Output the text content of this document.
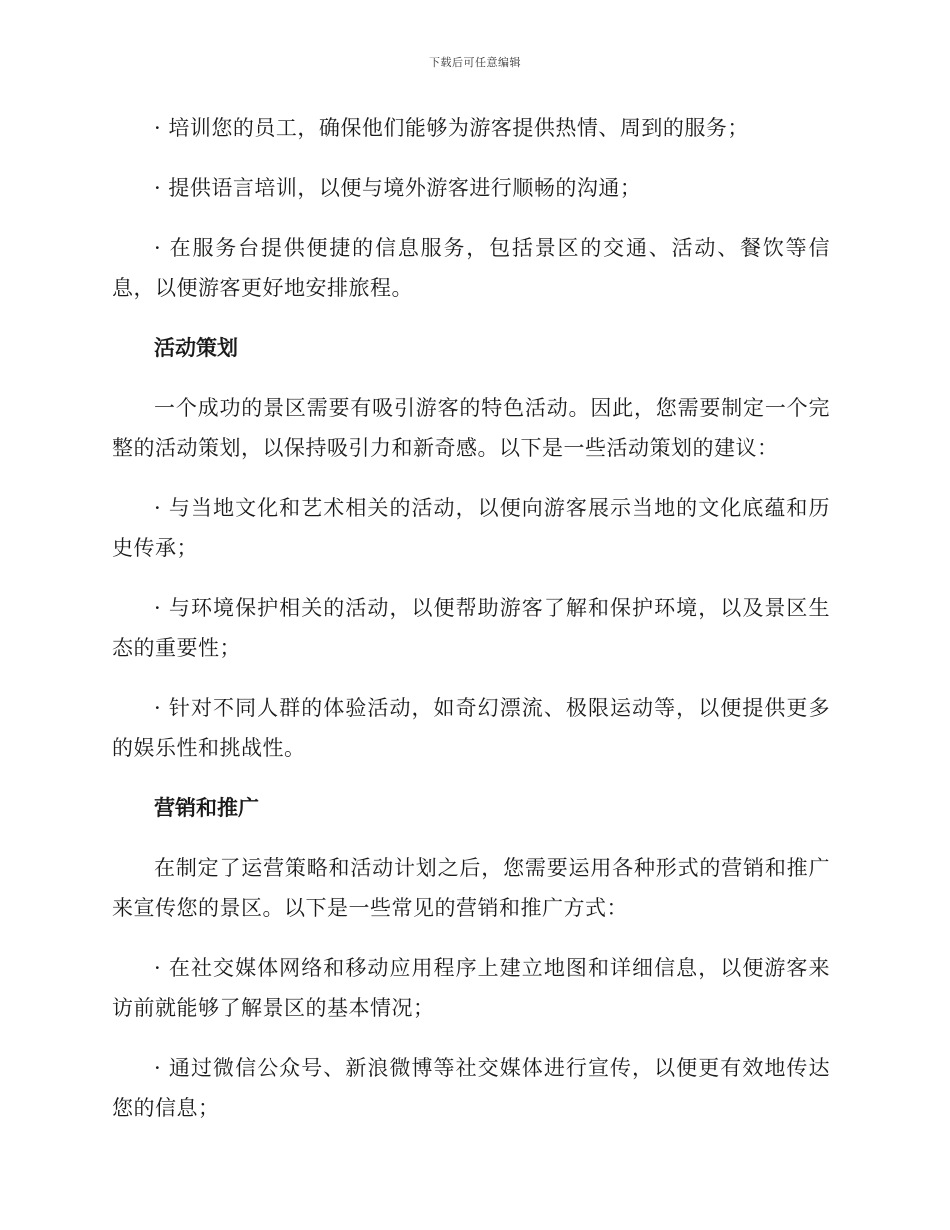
下载后可任意编辑

· 培训您的员工，确保他们能够为游客提供热情、周到的服务；

· 提供语言培训，以便与境外游客进行顺畅的沟通；

· 在服务台提供便捷的信息服务，包括景区的交通、活动、餐饮等信息，以便游客更好地安排旅程。

活动策划

一个成功的景区需要有吸引游客的特色活动。因此，您需要制定一个完整的活动策划，以保持吸引力和新奇感。以下是一些活动策划的建议：

· 与当地文化和艺术相关的活动，以便向游客展示当地的文化底蕴和历史传承；

· 与环境保护相关的活动，以便帮助游客了解和保护环境，以及景区生态的重要性；

· 针对不同人群的体验活动，如奇幻漂流、极限运动等，以便提供更多的娱乐性和挑战性。

营销和推广

在制定了运营策略和活动计划之后，您需要运用各种形式的营销和推广来宣传您的景区。以下是一些常见的营销和推广方式：

· 在社交媒体网络和移动应用程序上建立地图和详细信息，以便游客来访前就能够了解景区的基本情况；

· 通过微信公众号、新浪微博等社交媒体进行宣传，以便更有效地传达您的信息；
